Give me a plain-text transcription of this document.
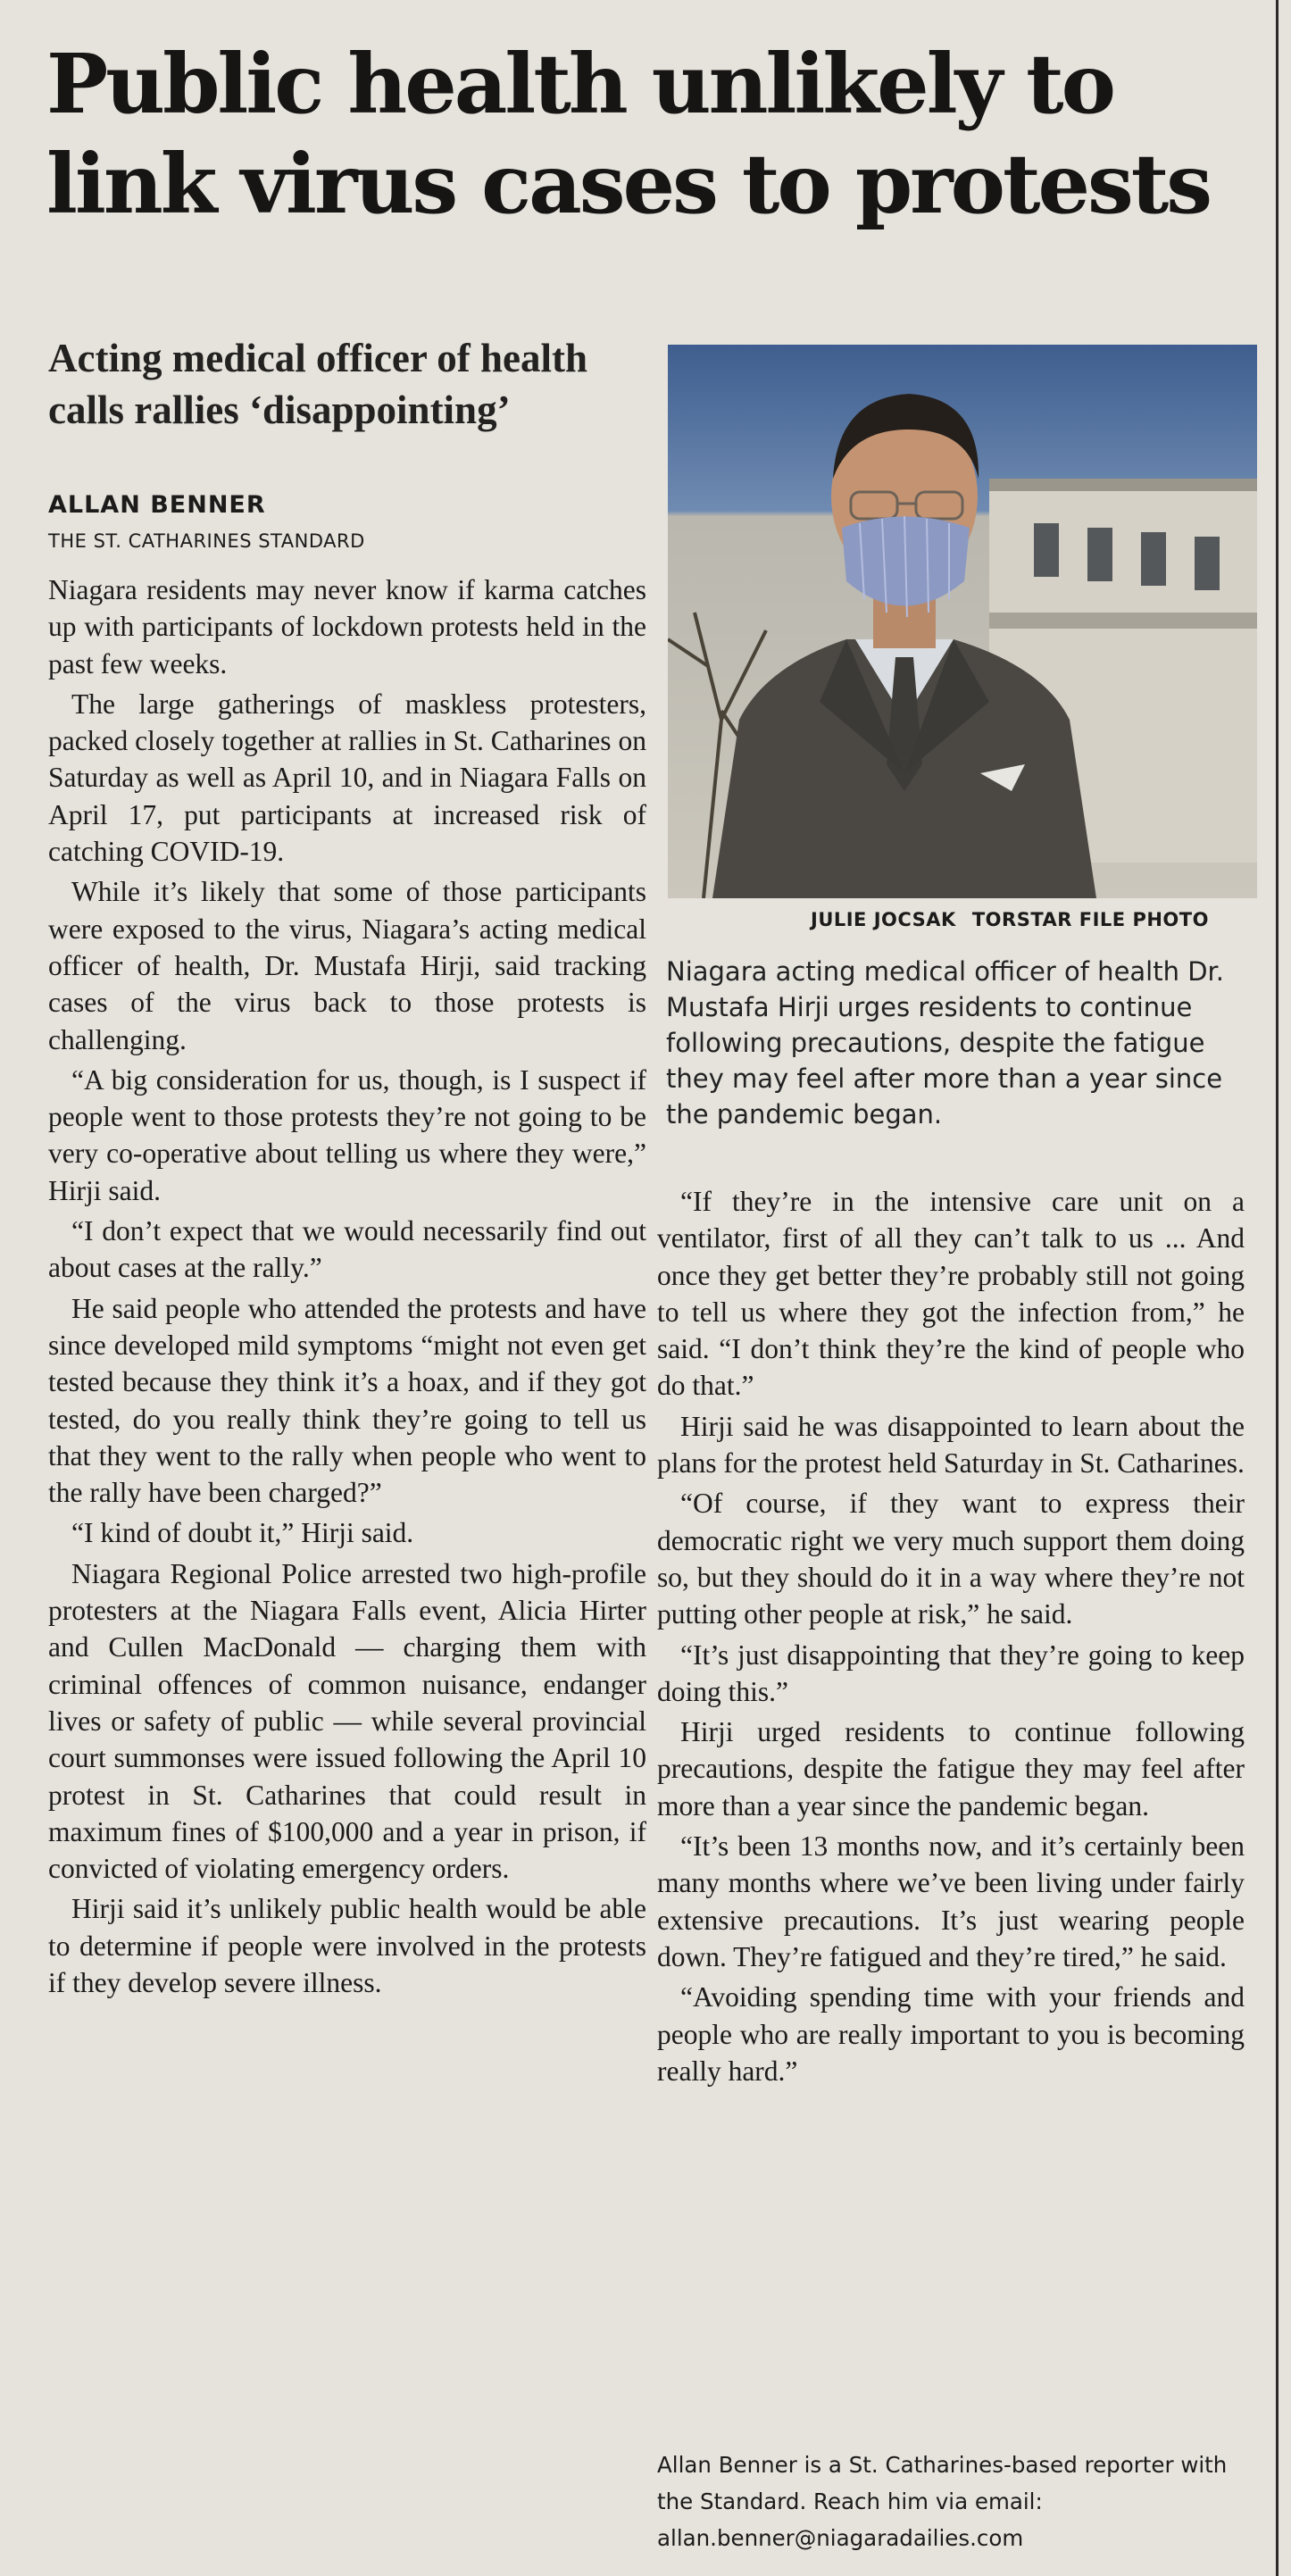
Public health unlikely to link virus cases to protests
Acting medical officer of health calls rallies ‘disappointing’
ALLAN BENNER
THE ST. CATHARINES STANDARD

Niagara residents may never know if karma catches up with participants of lockdown protests held in the past few weeks.

The large gatherings of maskless protesters, packed closely together at rallies in St. Catharines on Saturday as well as April 10, and in Niagara Falls on April 17, put participants at increased risk of catching COVID-19.

While it’s likely that some of those participants were exposed to the virus, Niagara’s acting medical officer of health, Dr. Mustafa Hirji, said tracking cases of the virus back to those protests is challenging.

“A big consideration for us, though, is I suspect if people went to those protests they’re not going to be very co-operative about telling us where they were,” Hirji said.

“I don’t expect that we would necessarily find out about cases at the rally.”

He said people who attended the protests and have since developed mild symptoms “might not even get tested because they think it’s a hoax, and if they got tested, do you really think they’re going to tell us that they went to the rally when people who went to the rally have been charged?”

“I kind of doubt it,” Hirji said.

Niagara Regional Police arrested two high-profile protesters at the Niagara Falls event, Alicia Hirter and Cullen MacDonald — charging them with criminal offences of common nuisance, endanger lives or safety of public — while several provincial court summonses were issued following the April 10 protest in St. Catharines that could result in maximum fines of $100,000 and a year in prison, if convicted of violating emergency orders.

Hirji said it’s unlikely public health would be able to determine if people were involved in the protests if they develop severe illness.

JULIE JOCSAK TORSTAR FILE PHOTO
Niagara acting medical officer of health Dr. Mustafa Hirji urges residents to continue following precautions, despite the fatigue they may feel after more than a year since the pandemic began.

“If they’re in the intensive care unit on a ventilator, first of all they can’t talk to us ... And once they get better they’re probably still not going to tell us where they got the infection from,” he said. “I don’t think they’re the kind of people who do that.”

Hirji said he was disappointed to learn about the plans for the protest held Saturday in St. Catharines.

“Of course, if they want to express their democratic right we very much support them doing so, but they should do it in a way where they’re not putting other people at risk,” he said.

“It’s just disappointing that they’re going to keep doing this.”

Hirji urged residents to continue following precautions, despite the fatigue they may feel after more than a year since the pandemic began.

“It’s been 13 months now, and it’s certainly been many months where we’ve been living under fairly extensive precautions. It’s just wearing people down. They’re fatigued and they’re tired,” he said.

“Avoiding spending time with your friends and people who are really important to you is becoming really hard.”

Allan Benner is a St. Catharines-based reporter with the Standard. Reach him via email: allan.benner@niagaradailies.com
